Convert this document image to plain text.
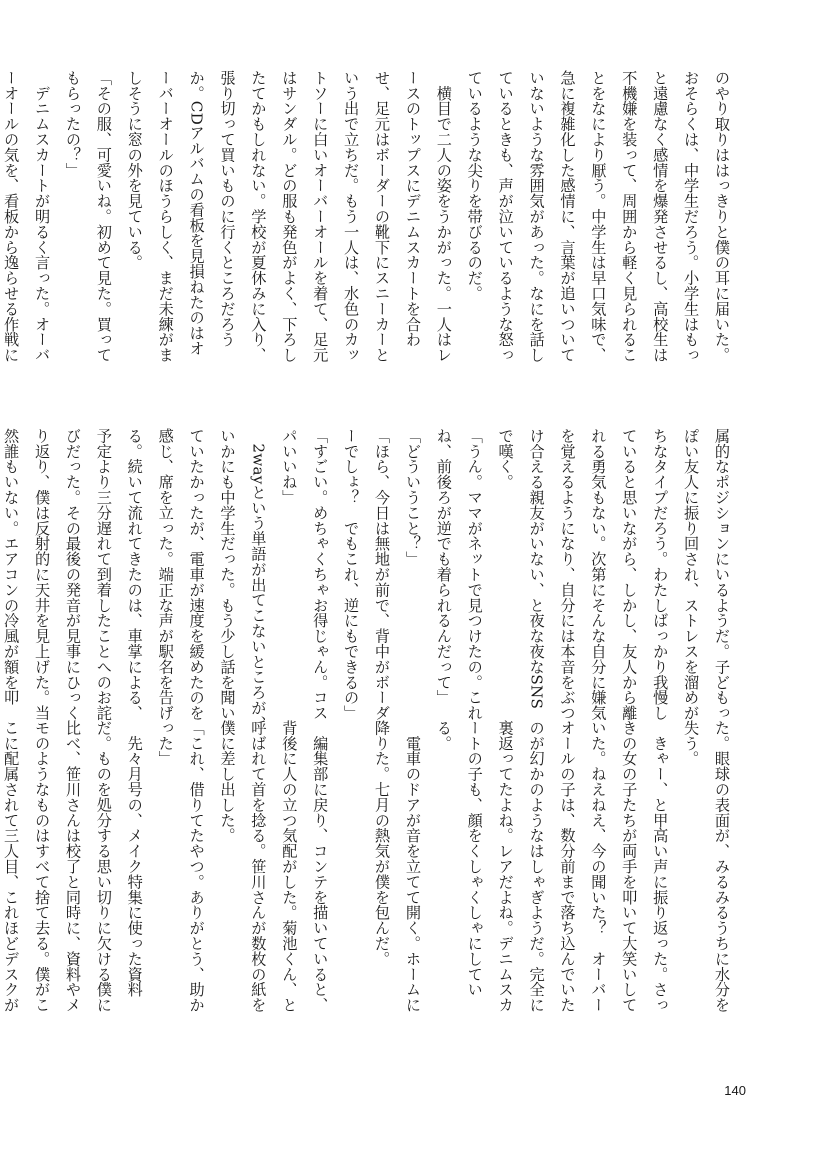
のやり取りははっきりと僕の耳に届いた。
おそらくは、中学生だろう。小学生はもっ
と遠慮なく感情を爆発させるし、高校生は
不機嫌を装って、周囲から軽く見られるこ
とをなにより厭う。中学生は早口気味で、
急に複雑化した感情に、言葉が追いついて
いないような雰囲気があった。なにを話し
ているときも、声が泣いているような怒っ
ているような尖りを帯びるのだ。
　横目で二人の姿をうかがった。一人はレ
ースのトップスにデニムスカートを合わ
せ、足元はボーダーの靴下にスニーカーと
いう出で立ちだ。もう一人は、水色のカッ
トソーに白いオーバーオールを着て、足元
はサンダル。どの服も発色がよく、下ろし
たてかもしれない。学校が夏休みに入り、
張り切って買いものに行くところだろう
か。CDアルバムの看板を見損ねたのはオ
ーバーオールのほうらしく、まだ未練がま
しそうに窓の外を見ている。
「その服、可愛いね。初めて見た。買って
もらったの？」
　デニムスカートが明るく言った。オーバ
ーオールの気を、看板から逸らせる作戦に
属的なポジションにいるようだ。子どもっ
ぽい友人に振り回され、ストレスを溜めが
ちなタイプだろう。わたしばっかり我慢し
ていると思いながら、しかし、友人から離
れる勇気もない。次第にそんな自分に嫌気
を覚えるようになり、自分には本音をぶつ
け合える親友がいない、と夜な夜なSNS
で嘆く。
「うん。ママがネットで見つけたの。これ
ね、前後ろが逆でも着られるんだって」
「どういうこと？」
「ほら、今日は無地が前で、背中がボーダ
ーでしょ？　でもこれ、逆にもできるの」
「すごい。めちゃくちゃお得じゃん。コス
パいいね」
　2wayという単語が出てこないところが、
いかにも中学生だった。もう少し話を聞い
ていたかったが、電車が速度を緩めたのを
感じ、席を立った。端正な声が駅名を告げ
る。続いて流れてきたのは、車掌による、
予定より三分遅れて到着したことへのお詫
びだった。その最後の発音が見事にひっく
り返り、僕は反射的に天井を見上げた。当
然誰もいない。エアコンの冷風が額を叩
た。眼球の表面が、みるみるうちに水分を
失う。
　きゃー、と甲高い声に振り返った。さっ
きの女の子たちが両手を叩いて大笑いして
いた。ねえねえ、今の聞いた？　オーバー
オールの子は、数分前まで落ち込んでいた
のが幻かのようなはしゃぎようだ。完全に
裏返ってたよね。レアだよね。デニムスカ
ートの子も、顔をくしゃくしゃにしてい
る。
　電車のドアが音を立てて開く。ホームに
降りた。七月の熱気が僕を包んだ。

　編集部に戻り、コンテを描いていると、
背後に人の立つ気配がした。菊池くん、と
呼ばれて首を捻る。笹川さんが数枚の紙を
僕に差し出した。
「これ、借りてたやつ。ありがとう、助か
った」
　先々月号の、メイク特集に使った資料
だ。ものを処分する思い切りに欠ける僕に
比べ、笹川さんは校了と同時に、資料やメ
モのようなものはすべて捨て去る。僕がこ
こに配属されて三人目、これほどデスクが
140
